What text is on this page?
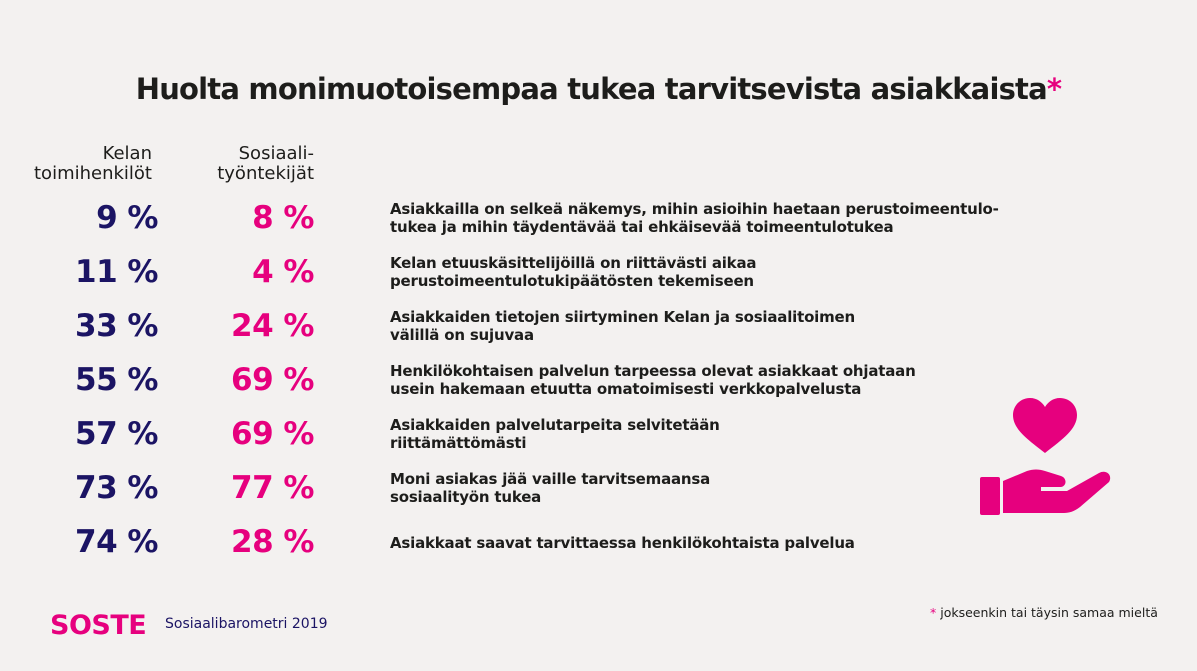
Huolta monimuotoisempaa tukea tarvitsevista asiakkaista*
Kelan
toimihenkilöt
Sosiaali-
työntekijät
9 %	8 %	Asiakkailla on selkeä näkemys, mihin asioihin haetaan perustoimeentulo-
tukea ja mihin täydentävää tai ehkäisevää toimeentulotukea
11 %	4 %	Kelan etuuskäsittelijöillä on riittävästi aikaa
perustoimeentulotukipäätösten tekemiseen
33 %	24 %	Asiakkaiden tietojen siirtyminen Kelan ja sosiaalitoimen
välillä on sujuvaa
55 %	69 %	Henkilökohtaisen palvelun tarpeessa olevat asiakkaat ohjataan
usein hakemaan etuutta omatoimisesti verkkopalvelusta
57 %	69 %	Asiakkaiden palvelutarpeita selvitetään
riittämättömästi
73 %	77 %	Moni asiakas jää vaille tarvitsemaansa
sosiaalityön tukea
74 %	28 %	Asiakkaat saavat tarvittaessa henkilökohtaista palvelua
SOSTE Sosiaalibarometri 2019
* jokseenkin tai täysin samaa mieltä
